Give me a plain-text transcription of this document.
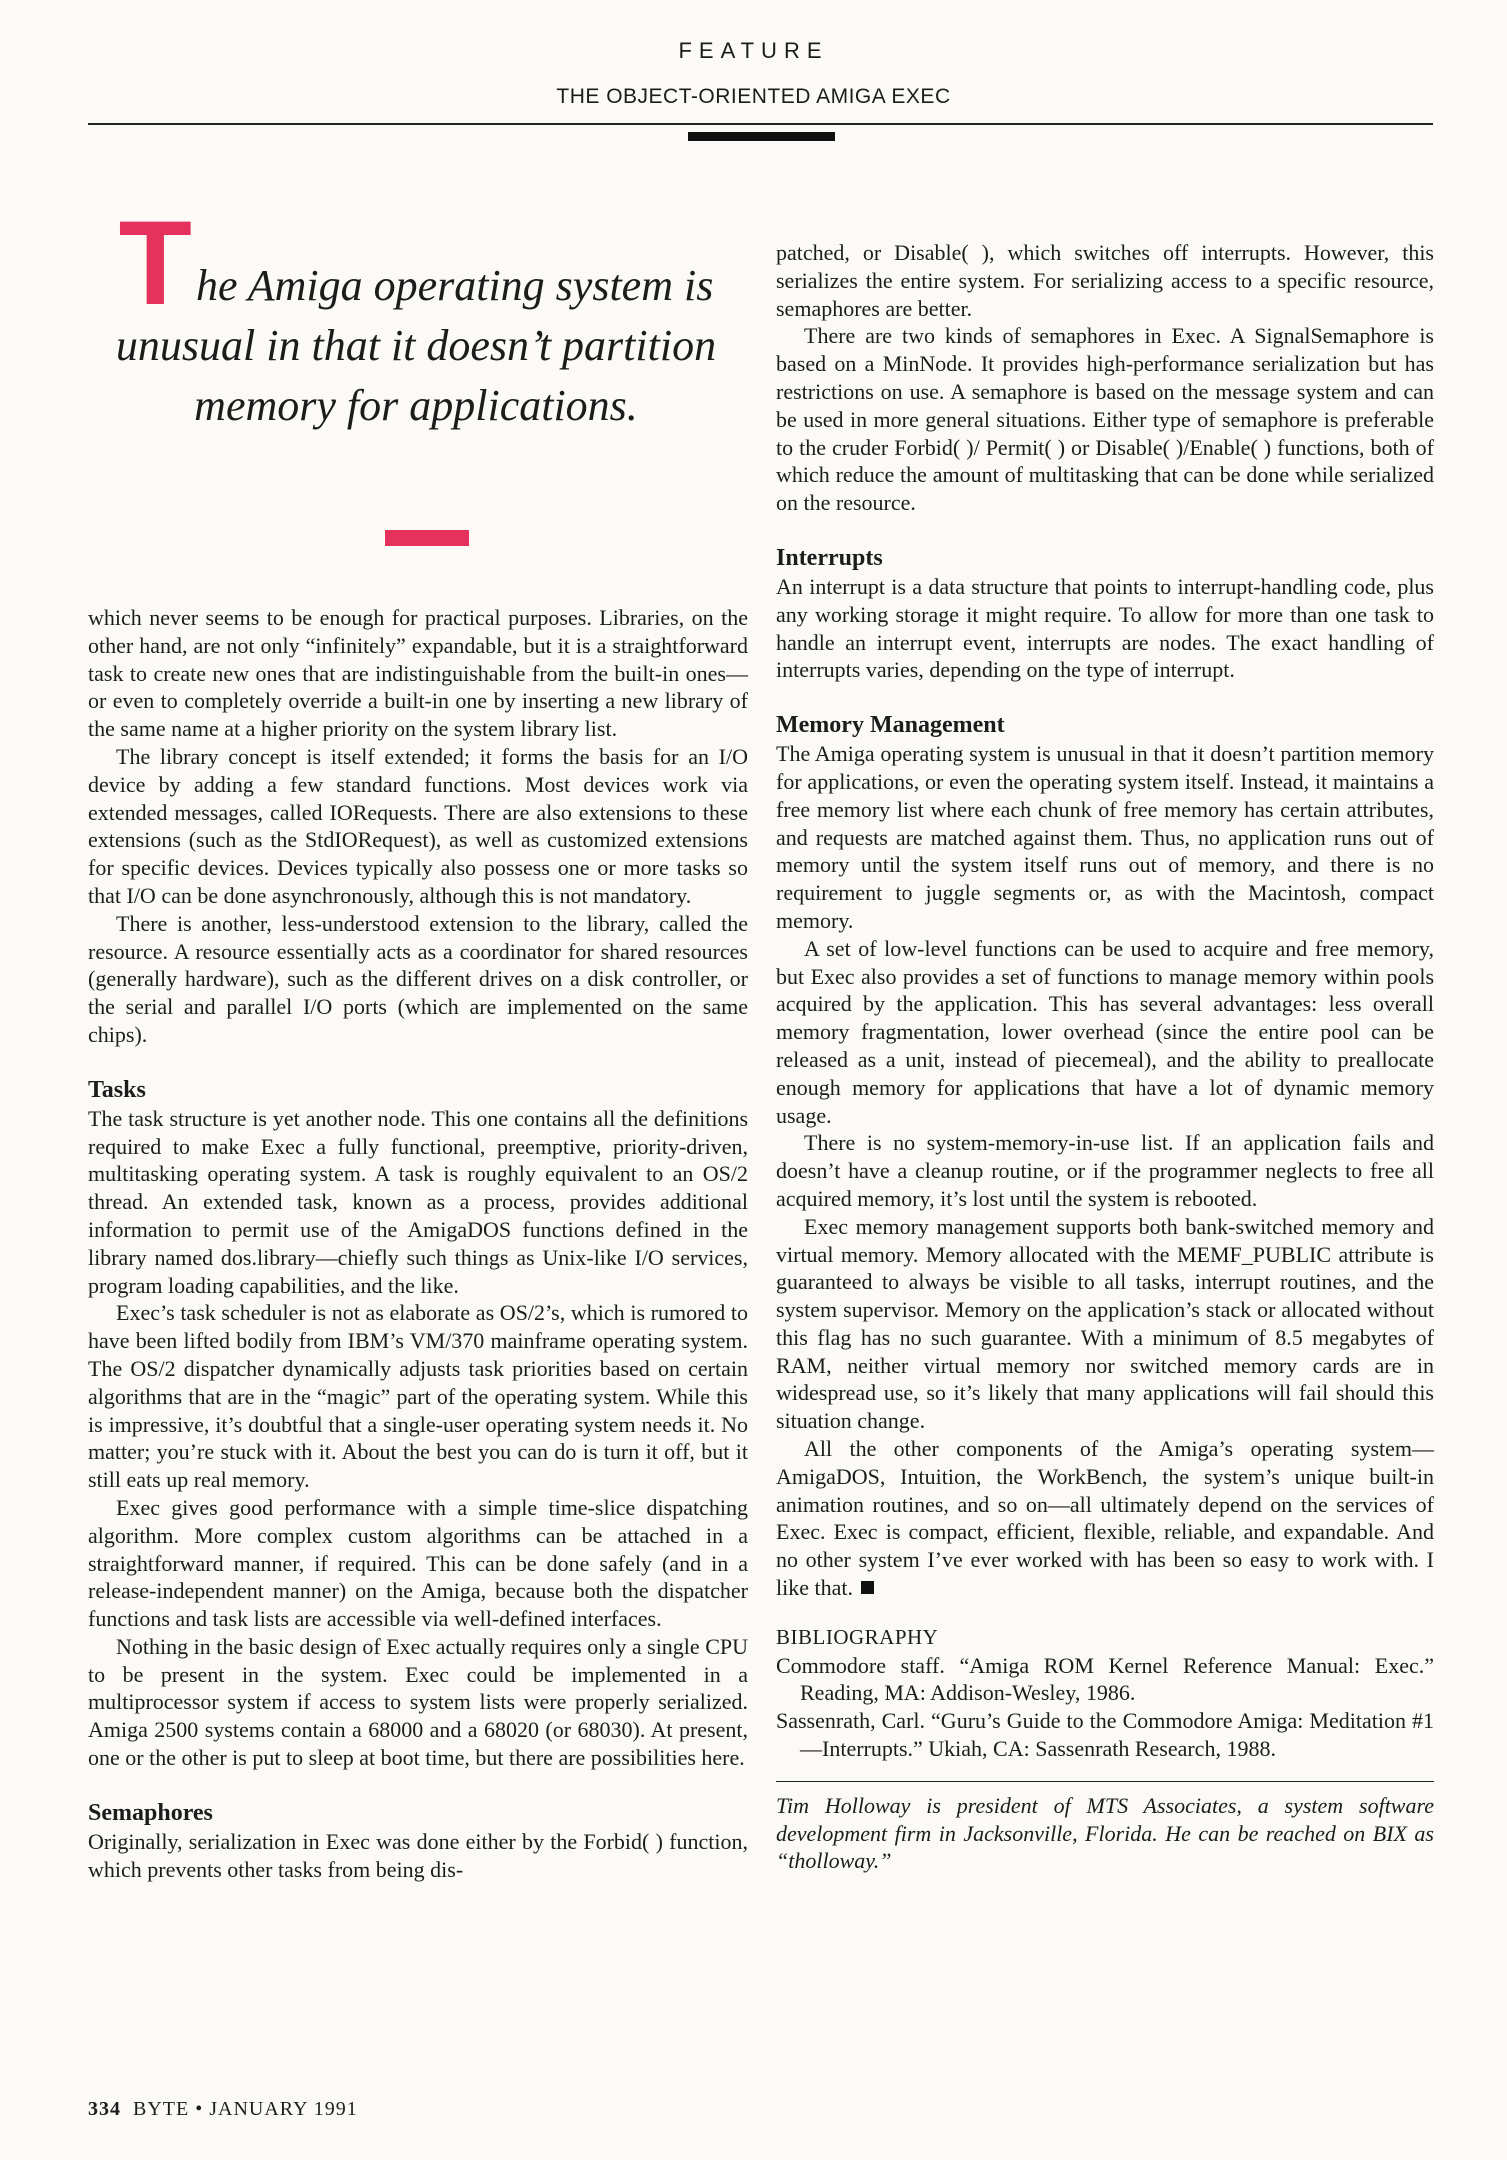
FEATURE
THE OBJECT-ORIENTED AMIGA EXEC
The Amiga operating system is unusual in that it doesn’t partition memory for applications.

which never seems to be enough for practical purposes. Libraries, on the other hand, are not only “infinitely” expandable, but it is a straightforward task to create new ones that are indistinguishable from the built-in ones—or even to completely override a built-in one by inserting a new library of the same name at a higher priority on the system library list.

The library concept is itself extended; it forms the basis for an I/O device by adding a few standard functions. Most devices work via extended messages, called IORequests. There are also extensions to these extensions (such as the StdIORequest), as well as customized extensions for specific devices. Devices typically also possess one or more tasks so that I/O can be done asynchronously, although this is not mandatory.

There is another, less-understood extension to the library, called the resource. A resource essentially acts as a coordinator for shared resources (generally hardware), such as the different drives on a disk controller, or the serial and parallel I/O ports (which are implemented on the same chips).

Tasks

The task structure is yet another node. This one contains all the definitions required to make Exec a fully functional, preemptive, priority-driven, multitasking operating system. A task is roughly equivalent to an OS/2 thread. An extended task, known as a process, provides additional information to permit use of the AmigaDOS functions defined in the library named dos.library—chiefly such things as Unix-like I/O services, program loading capabilities, and the like.

Exec’s task scheduler is not as elaborate as OS/2’s, which is rumored to have been lifted bodily from IBM’s VM/370 mainframe operating system. The OS/2 dispatcher dynamically adjusts task priorities based on certain algorithms that are in the “magic” part of the operating system. While this is impressive, it’s doubtful that a single-user operating system needs it. No matter; you’re stuck with it. About the best you can do is turn it off, but it still eats up real memory.

Exec gives good performance with a simple time-slice dispatching algorithm. More complex custom algorithms can be attached in a straightforward manner, if required. This can be done safely (and in a release-independent manner) on the Amiga, because both the dispatcher functions and task lists are accessible via well-defined interfaces.

Nothing in the basic design of Exec actually requires only a single CPU to be present in the system. Exec could be implemented in a multiprocessor system if access to system lists were properly serialized. Amiga 2500 systems contain a 68000 and a 68020 (or 68030). At present, one or the other is put to sleep at boot time, but there are possibilities here.

Semaphores

Originally, serialization in Exec was done either by the Forbid( ) function, which prevents other tasks from being dis-

patched, or Disable( ), which switches off interrupts. However, this serializes the entire system. For serializing access to a specific resource, semaphores are better.

There are two kinds of semaphores in Exec. A SignalSemaphore is based on a MinNode. It provides high-performance serialization but has restrictions on use. A semaphore is based on the message system and can be used in more general situations. Either type of semaphore is preferable to the cruder Forbid( )/ Permit( ) or Disable( )/Enable( ) functions, both of which reduce the amount of multitasking that can be done while serialized on the resource.

Interrupts

An interrupt is a data structure that points to interrupt-handling code, plus any working storage it might require. To allow for more than one task to handle an interrupt event, interrupts are nodes. The exact handling of interrupts varies, depending on the type of interrupt.

Memory Management

The Amiga operating system is unusual in that it doesn’t partition memory for applications, or even the operating system itself. Instead, it maintains a free memory list where each chunk of free memory has certain attributes, and requests are matched against them. Thus, no application runs out of memory until the system itself runs out of memory, and there is no requirement to juggle segments or, as with the Macintosh, compact memory.

A set of low-level functions can be used to acquire and free memory, but Exec also provides a set of functions to manage memory within pools acquired by the application. This has several advantages: less overall memory fragmentation, lower overhead (since the entire pool can be released as a unit, instead of piecemeal), and the ability to preallocate enough memory for applications that have a lot of dynamic memory usage.

There is no system-memory-in-use list. If an application fails and doesn’t have a cleanup routine, or if the programmer neglects to free all acquired memory, it’s lost until the system is rebooted.

Exec memory management supports both bank-switched memory and virtual memory. Memory allocated with the MEMF_PUBLIC attribute is guaranteed to always be visible to all tasks, interrupt routines, and the system supervisor. Memory on the application’s stack or allocated without this flag has no such guarantee. With a minimum of 8.5 megabytes of RAM, neither virtual memory nor switched memory cards are in widespread use, so it’s likely that many applications will fail should this situation change.

All the other components of the Amiga’s operating system—AmigaDOS, Intuition, the WorkBench, the system’s unique built-in animation routines, and so on—all ultimately depend on the services of Exec. Exec is compact, efficient, flexible, reliable, and expandable. And no other system I’ve ever worked with has been so easy to work with. I like that.

BIBLIOGRAPHY

Commodore staff. “Amiga ROM Kernel Reference Manual: Exec.” Reading, MA: Addison-Wesley, 1986.

Sassenrath, Carl. “Guru’s Guide to the Commodore Amiga: Meditation #1—Interrupts.” Ukiah, CA: Sassenrath Research, 1988.

Tim Holloway is president of MTS Associates, a system software development firm in Jacksonville, Florida. He can be reached on BIX as “tholloway.”

334 BYTE • JANUARY 1991
